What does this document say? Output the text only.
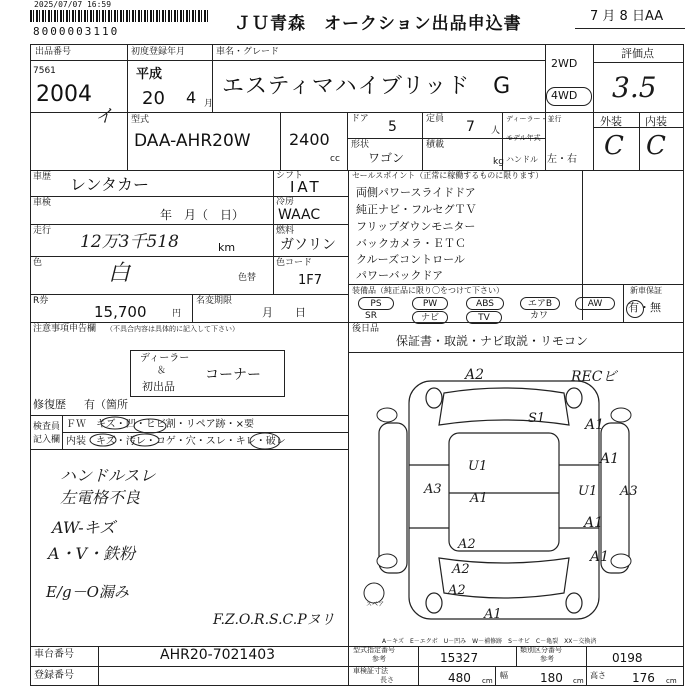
2025/07/07 16:59
8000003110	ＪＵ青森　オークション出品申込書	7 月 8 日AA
出品番号
7561
2004
イ
初度登録年月
平成
20 4 月
車名・グレード
エスティマハイブリッド　G
2WD
4WD
評価点
3.5
型式
DAA-AHR20W 2400
cc
ドア 5	定員 7 人
形状
ワゴン
積載
kg
ディーラー・並行
モデル年式
ハンドル 左・右
外装 内装
C C
車歴 レンタカー	シフト
IAT
車検
年　月（　日）
冷房
WAAC
走行
12万3千518	km
燃料
ガソリン
色	白	色替
色コード
1F7
R券
15,700	円
名変期限
月　　日
注意事項申告欄 （不具合内容は具体的に記入して下さい）
ディーラー
＆
初出品
コーナー
修復歴 有（箇所
検査員
記入欄
ＦＷ　キズ・凹・ヒビ割・リペア跡・×要
内装　キズ・汚レ・コゲ・穴・スレ・キレ・破レ
ハンドルスレ
左電格不良
AW-キズ
A・V・鉄粉
E/g－O漏み
F.Z.O.R.S.C.Pヌリ
セールスポイント（正常に稼働するものに限ります）
両側パワースライドドア
純正ナビ・フルセグＴＶ
フリップダウンモニター
バックカメラ・ＥＴＣ
クルーズコントロール
パワーバックドア
装備品（純正品に限り〇をつけて下さい）
PS	PW	ABS	エアB	AW
SR	ナビ	TV	カワ
新車保証
有・無
後日品
保証書・取説・ナビ取説・リモコン
A2	RECビ
S1	A1
A1
U1
A3
A1	U1 A3
A1
A1
A2
A2
A2
A1
スペア
A－キズ　E－エクボ　U－凹み　W－補修跡　S－サビ　C－亀裂　XX－交換済
車台番号	AHR20-7021403
登録番号
型式指定番号
参考	15327
類別区分番号
参考	0198
車検証寸法
長さ	480 cm
幅	180 cm
高さ 176 cm
